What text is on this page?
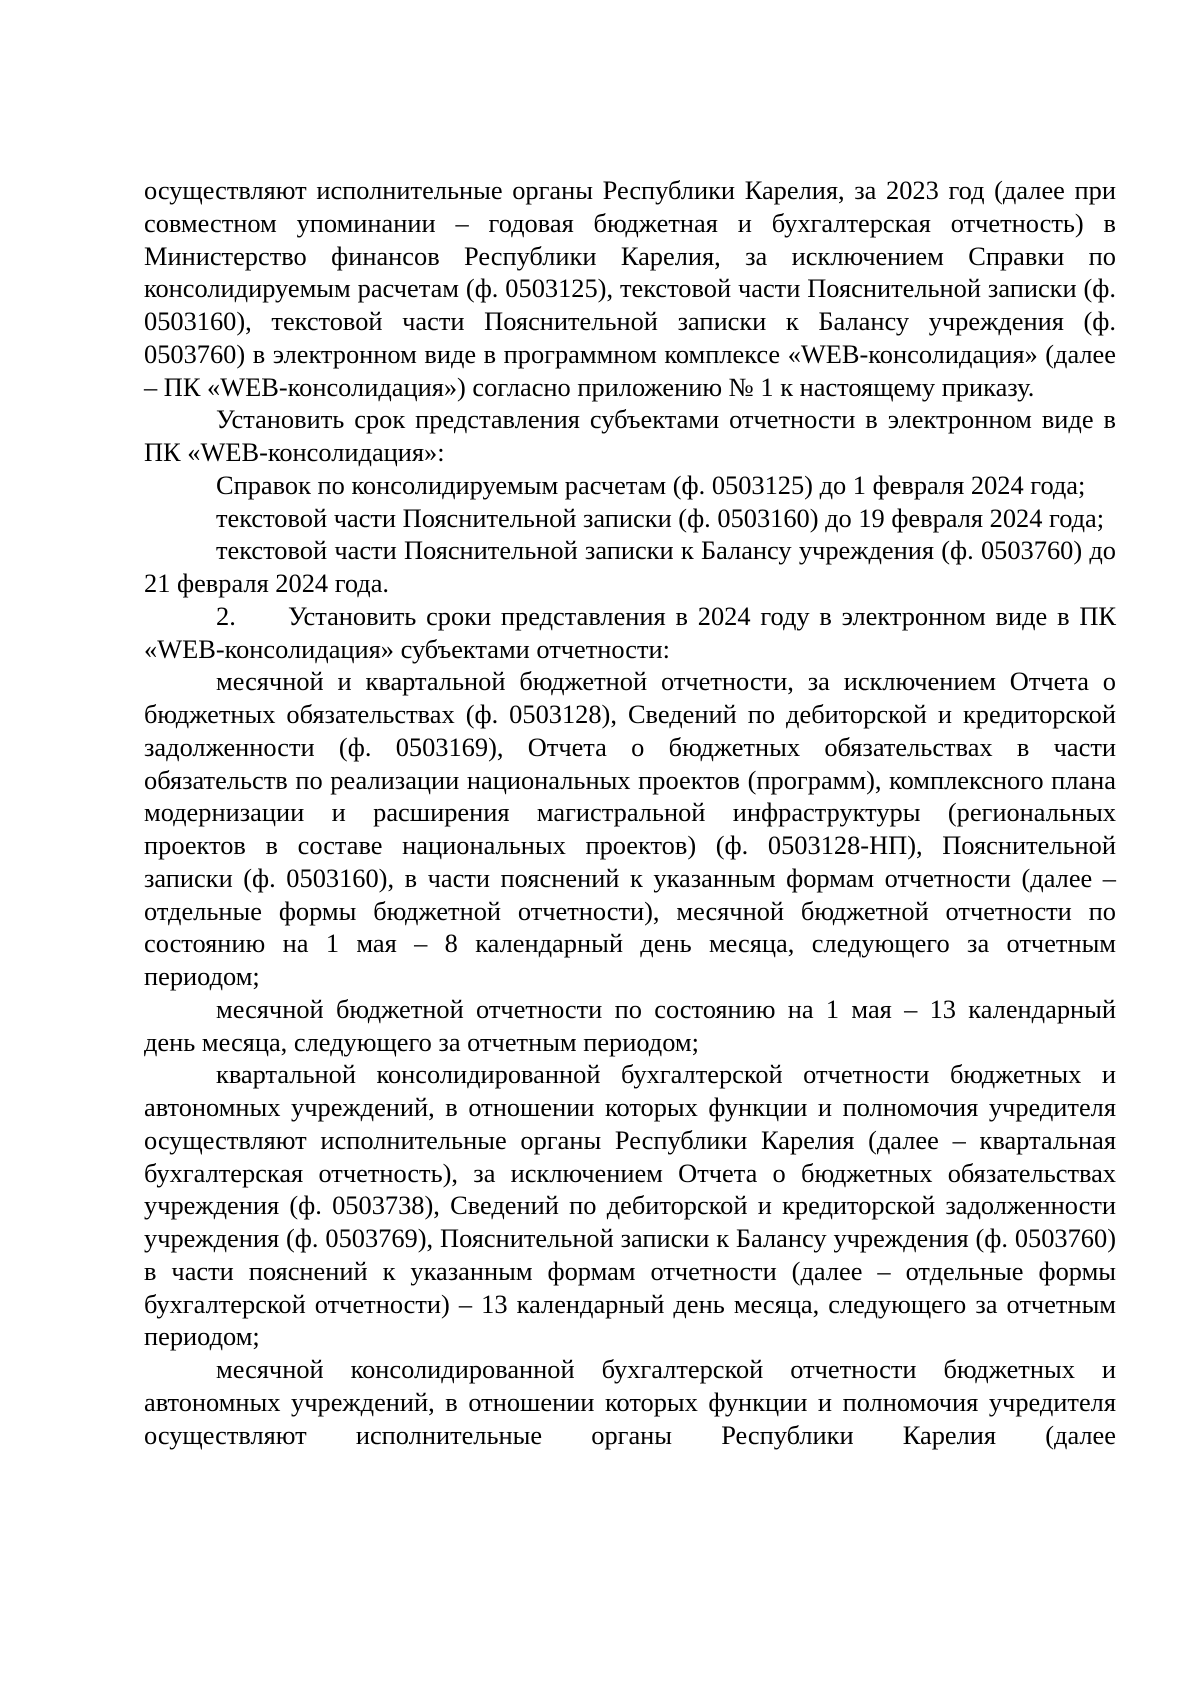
осуществляют исполнительные органы Республики Карелия, за 2023 год (далее при совместном упоминании – годовая бюджетная и бухгалтерская отчетность) в Министерство финансов Республики Карелия, за исключением Справки по консолидируемым расчетам (ф. 0503125), текстовой части Пояснительной записки (ф. 0503160), текстовой части Пояснительной записки к Балансу учреждения (ф. 0503760) в электронном виде в программном комплексе «WEB-консолидация» (далее – ПК «WEB-консолидация») согласно приложению № 1 к настоящему приказу.

Установить срок представления субъектами отчетности в электронном виде в ПК «WEB-консолидация»:

Справок по консолидируемым расчетам (ф. 0503125) до 1 февраля 2024 года;

текстовой части Пояснительной записки (ф. 0503160) до 19 февраля 2024 года;

текстовой части Пояснительной записки к Балансу учреждения (ф. 0503760) до 21 февраля 2024 года.

2. Установить сроки представления в 2024 году в электронном виде в ПК «WEB-консолидация» субъектами отчетности:

месячной и квартальной бюджетной отчетности, за исключением Отчета о бюджетных обязательствах (ф. 0503128), Сведений по дебиторской и кредиторской задолженности (ф. 0503169), Отчета о бюджетных обязательствах в части обязательств по реализации национальных проектов (программ), комплексного плана модернизации и расширения магистральной инфраструктуры (региональных проектов в составе национальных проектов) (ф. 0503128-НП), Пояснительной записки (ф. 0503160), в части пояснений к указанным формам отчетности (далее – отдельные формы бюджетной отчетности), месячной бюджетной отчетности по состоянию на 1 мая – 8 календарный день месяца, следующего за отчетным периодом;

месячной бюджетной отчетности по состоянию на 1 мая – 13 календарный день месяца, следующего за отчетным периодом;

квартальной консолидированной бухгалтерской отчетности бюджетных и автономных учреждений, в отношении которых функции и полномочия учредителя осуществляют исполнительные органы Республики Карелия (далее – квартальная бухгалтерская отчетность), за исключением Отчета о бюджетных обязательствах учреждения (ф. 0503738), Сведений по дебиторской и кредиторской задолженности учреждения (ф. 0503769), Пояснительной записки к Балансу учреждения (ф. 0503760) в части пояснений к указанным формам отчетности (далее – отдельные формы бухгалтерской отчетности) – 13 календарный день месяца, следующего за отчетным периодом;

месячной консолидированной бухгалтерской отчетности бюджетных и автономных учреждений, в отношении которых функции и полномочия учредителя осуществляют исполнительные органы Республики Карелия (далее
